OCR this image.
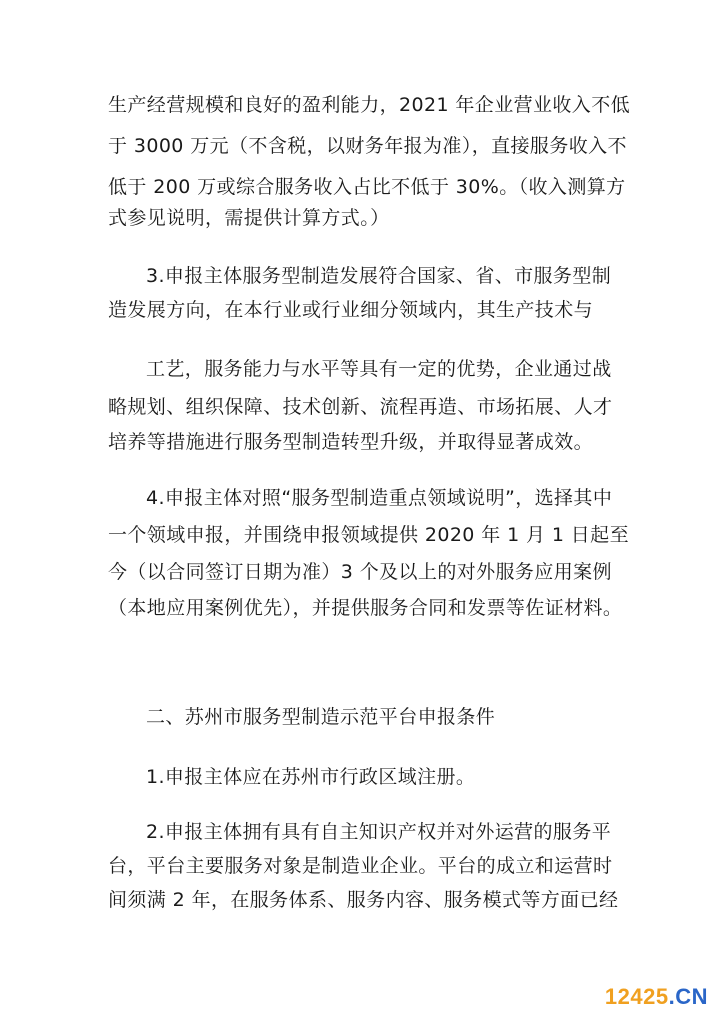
生产经营规模和良好的盈利能力，2021 年企业营业收入不低
于 3000 万元（不含税，以财务年报为准），直接服务收入不
低于 200 万或综合服务收入占比不低于 30%。（收入测算方
式参见说明，需提供计算方式。）
3.申报主体服务型制造发展符合国家、省、市服务型制
造发展方向，在本行业或行业细分领域内，其生产技术与
工艺，服务能力与水平等具有一定的优势，企业通过战
略规划、组织保障、技术创新、流程再造、市场拓展、人才
培养等措施进行服务型制造转型升级，并取得显著成效。
4.申报主体对照“服务型制造重点领域说明”，选择其中
一个领域申报，并围绕申报领域提供 2020 年 1 月 1 日起至
今（以合同签订日期为准）3 个及以上的对外服务应用案例
（本地应用案例优先），并提供服务合同和发票等佐证材料。
二、苏州市服务型制造示范平台申报条件
1.申报主体应在苏州市行政区域注册。
2.申报主体拥有具有自主知识产权并对外运营的服务平
台，平台主要服务对象是制造业企业。平台的成立和运营时
间须满 2 年，在服务体系、服务内容、服务模式等方面已经
12425.CN
